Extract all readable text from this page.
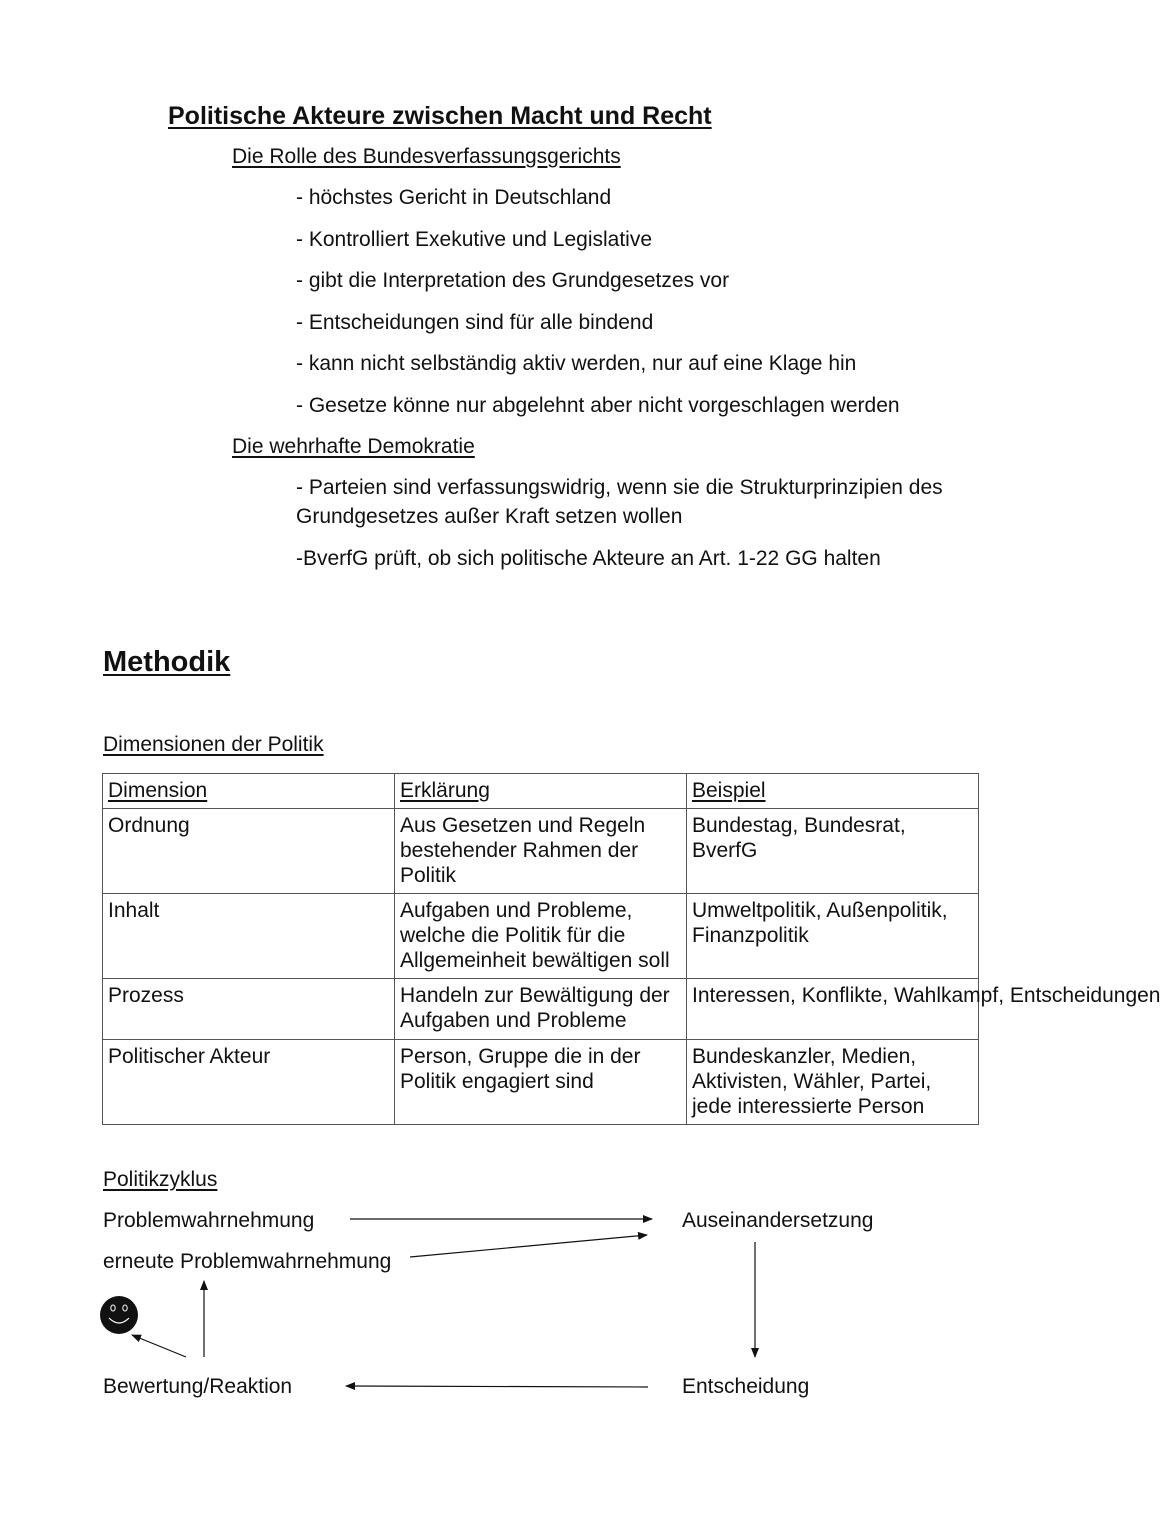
Politische Akteure zwischen Macht und Recht
Die Rolle des Bundesverfassungsgerichts
- höchstes Gericht in Deutschland
- Kontrolliert Exekutive und Legislative
- gibt die Interpretation des Grundgesetzes vor
- Entscheidungen sind für alle bindend
- kann nicht selbständig aktiv werden, nur auf eine Klage hin
- Gesetze könne nur abgelehnt aber nicht vorgeschlagen werden
Die wehrhafte Demokratie
- Parteien sind verfassungswidrig, wenn sie die Strukturprinzipien des Grundgesetzes außer Kraft setzen wollen
-BverfG prüft, ob sich politische Akteure an Art. 1-22 GG halten
Methodik
Dimensionen der Politik
Dimension	Erklärung	Beispiel
Ordnung	Aus Gesetzen und Regeln bestehender Rahmen der Politik	Bundestag, Bundesrat, BverfG
Inhalt	Aufgaben und Probleme, welche die Politik für die Allgemeinheit bewältigen soll	Umweltpolitik, Außenpolitik, Finanzpolitik
Prozess	Handeln zur Bewältigung der Aufgaben und Probleme	Interessen, Konflikte, Wahlkampf, Entscheidungen
Politischer Akteur	Person, Gruppe die in der Politik engagiert sind	Bundeskanzler, Medien, Aktivisten, Wähler, Partei, jede interessierte Person
Politikzyklus
Problemwahrnehmung	Auseinandersetzung
erneute Problemwahrnehmung
Entscheidung
Bewertung/Reaktion
